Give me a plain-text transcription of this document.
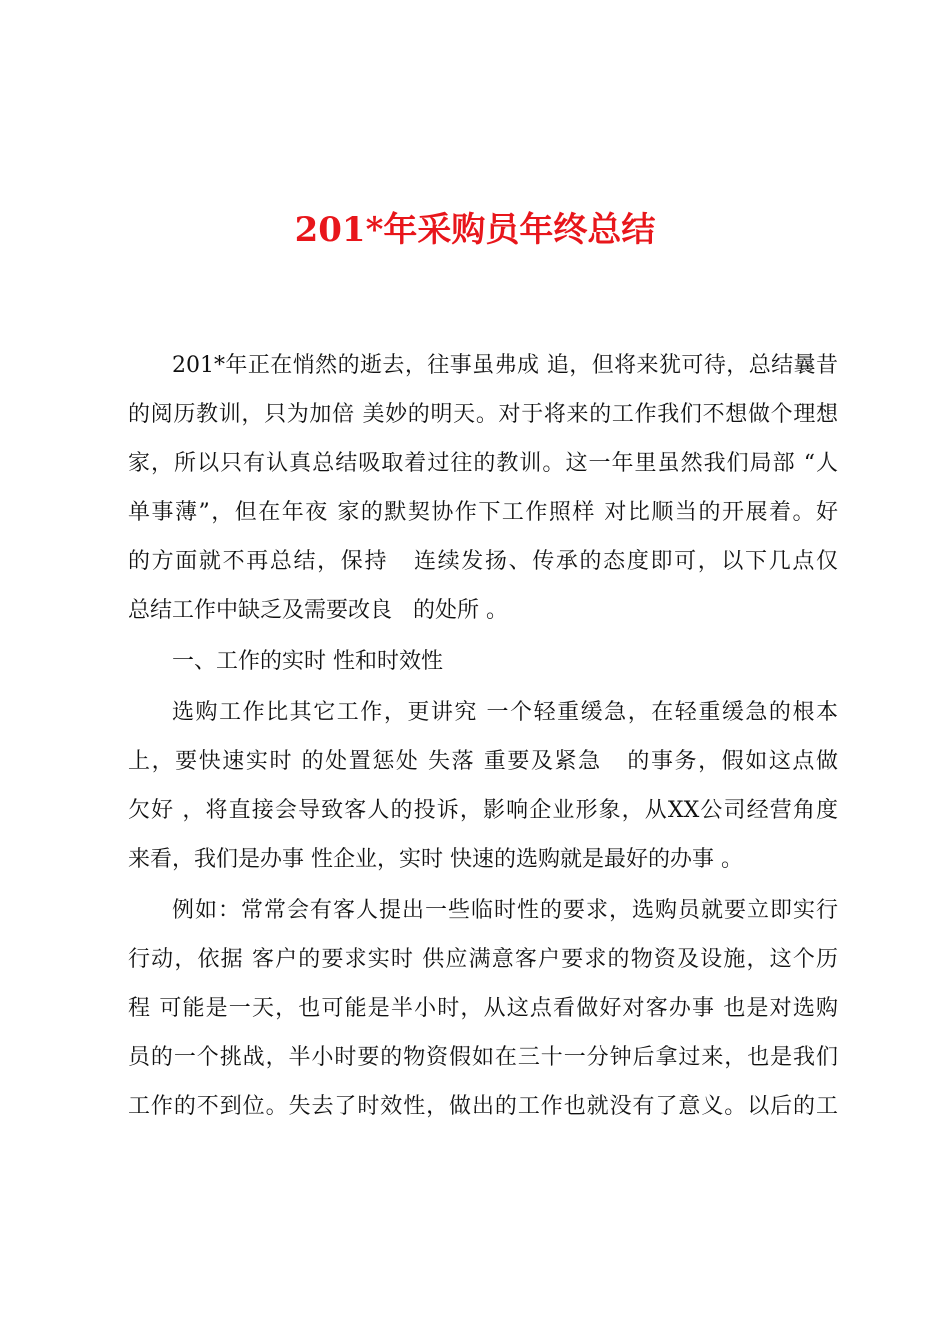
201*年采购员年终总结
201*年正在悄然的逝去，往事虽弗成 追，但将来犹可待，总结曩昔
的阅历教训，只为加倍 美妙的明天。对于将来的工作我们不想做个理想
家，所以只有认真总结吸取着过往的教训。这一年里虽然我们局部 “人
单事薄”，但在年夜 家的默契协作下工作照样 对比顺当的开展着。好
的方面就不再总结，保持   连续发扬、传承的态度即可，以下几点仅
总结工作中缺乏及需要改良   的处所 。
一、工作的实时 性和时效性
选购工作比其它工作，更讲究 一个轻重缓急，在轻重缓急的根本
上，要快速实时 的处置惩处 失落 重要及紧急   的事务，假如这点做
欠好 ，将直接会导致客人的投诉，影响企业形象，从XX公司经营角度
来看，我们是办事 性企业，实时 快速的选购就是最好的办事 。
例如：常常会有客人提出一些临时性的要求，选购员就要立即实行
行动，依据 客户的要求实时 供应满意客户要求的物资及设施，这个历
程 可能是一天，也可能是半小时，从这点看做好对客办事 也是对选购
员的一个挑战，半小时要的物资假如在三十一分钟后拿过来，也是我们
工作的不到位。失去了时效性，做出的工作也就没有了意义。以后的工
